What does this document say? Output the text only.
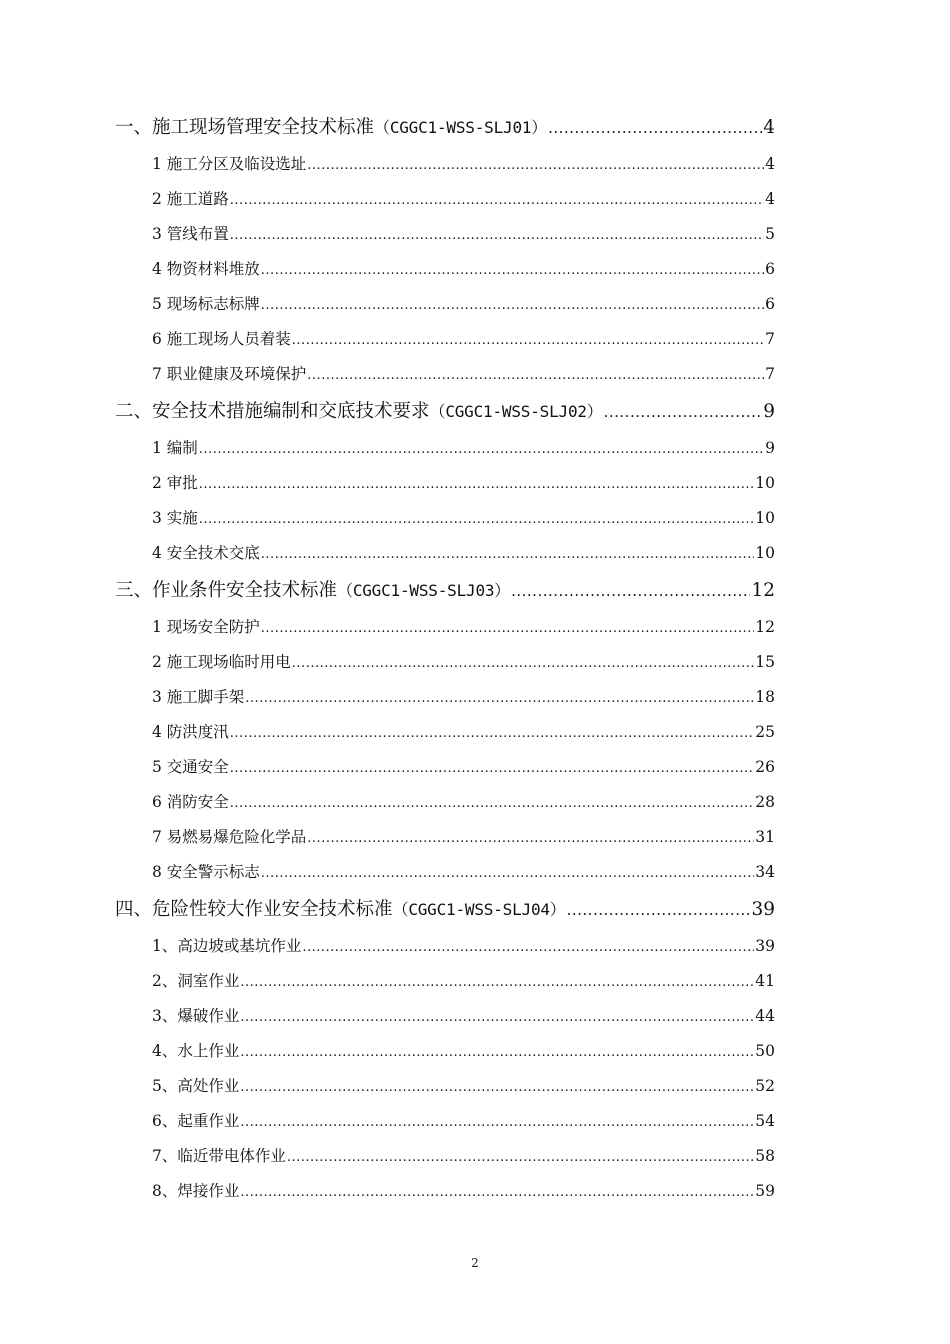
一、施工现场管理安全技术标准 （CGGC1-WSS-SLJ01） .....	4
1 施工分区及临设选址 .....	4
2 施工道路 .....	4
3 管线布置 .....	5
4 物资材料堆放 .....	6
5 现场标志标牌 .....	6
6 施工现场人员着装 .....	7
7 职业健康及环境保护 .....	7
二、安全技术措施编制和交底技术要求 （CGGC1-WSS-SLJ02） .....	9
1 编制 .....	9
2 审批 .....	10
3 实施 .....	10
4 安全技术交底 .....	10
三、作业条件安全技术标准 （CGGC1-WSS-SLJ03） .....	12
1 现场安全防护 .....	12
2 施工现场临时用电 .....	15
3 施工脚手架 .....	18
4 防洪度汛 .....	25
5 交通安全 .....	26
6 消防安全 .....	28
7 易燃易爆危险化学品 .....	31
8 安全警示标志 .....	34
四、危险性较大作业安全技术标准 （CGGC1-WSS-SLJ04） .....	39
1、高边坡或基坑作业 .....	39
2、洞室作业 .....	41
3、爆破作业 .....	44
4、水上作业 .....	50
5、高处作业 .....	52
6、起重作业 .....	54
7、临近带电体作业 .....	58
8、焊接作业 .....	59
2
